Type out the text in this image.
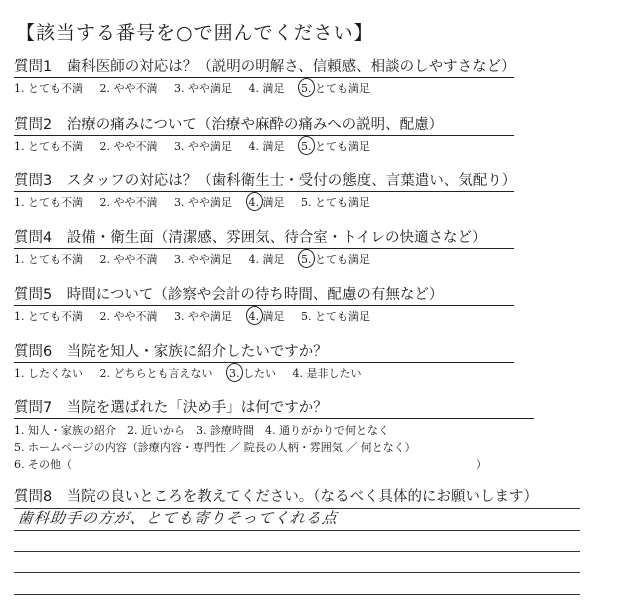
【該当する番号を○で囲んでください】
質問1　歯科医師の対応は？（説明の明解さ、信頼感、相談のしやすさなど）
1. とても不満 2. やや不満 3. やや満足 4. 満足 5. とても満足
質問2　治療の痛みについて（治療や麻酔の痛みへの説明、配慮）
1. とても不満 2. やや不満 3. やや満足 4. 満足 5. とても満足
質問3　スタッフの対応は？（歯科衛生士・受付の態度、言葉遣い、気配り）
1. とても不満 2. やや不満 3. やや満足 4. 満足 5. とても満足
質問4　設備・衛生面（清潔感、雰囲気、待合室・トイレの快適さなど）
1. とても不満 2. やや不満 3. やや満足 4. 満足 5. とても満足
質問5　時間について（診察や会計の待ち時間、配慮の有無など）
1. とても不満 2. やや不満 3. やや満足 4. 満足 5. とても満足
質問6　当院を知人・家族に紹介したいですか？
1. したくない 2. どちらとも言えない 3. したい 4. 是非したい
質問7　当院を選ばれた「決め手」は何ですか？
1. 知人・家族の紹介　2. 近いから　3. 診療時間　4. 通りがかりで何となく
5. ホームページの内容（診療内容・専門性 ／ 院長の人柄・雰囲気 ／ 何となく）
6. その他（	）
質問8　当院の良いところを教えてください。（なるべく具体的にお願いします）
歯科助手の方が、とても寄りそってくれる点
